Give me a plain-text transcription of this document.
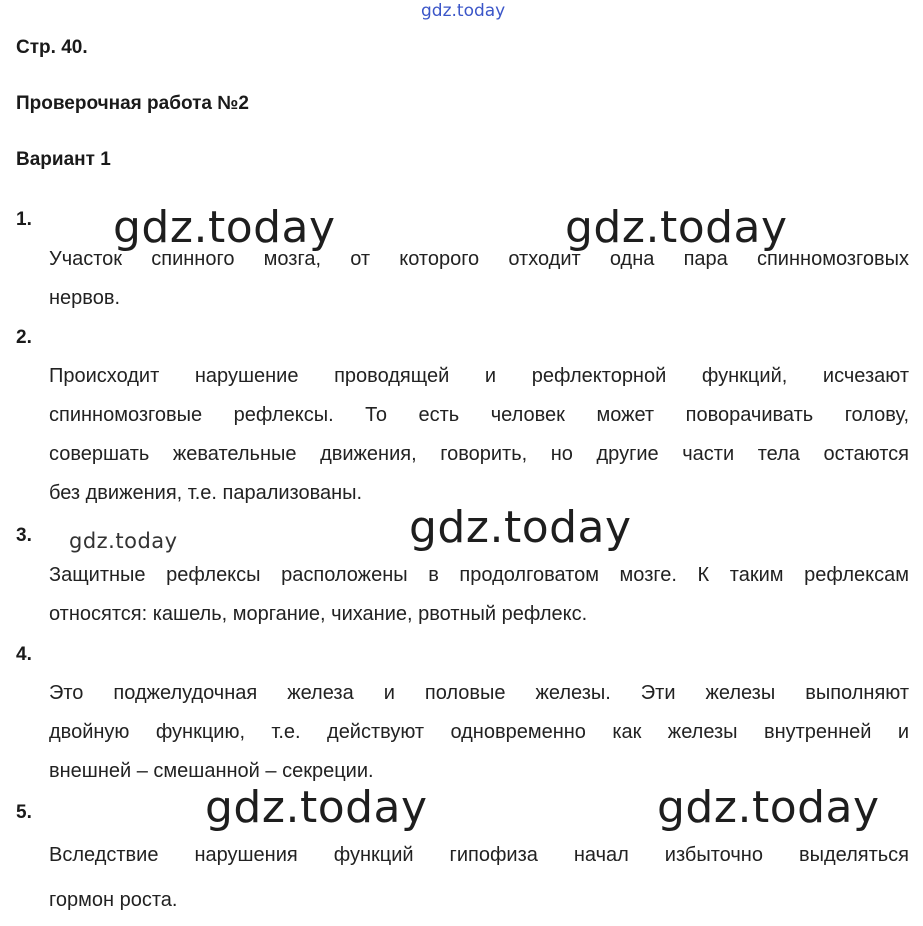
gdz.today
gdz.today	gdz.today
gdz.today	gdz.today
gdz.today	gdz.today
Стр. 40.
Проверочная работа №2
Вариант 1
1.
Участок спинного мозга, от которого отходит одна пара спинномозговых
нервов.
2.
Происходит нарушение проводящей и рефлекторной функций, исчезают
спинномозговые рефлексы. То есть человек может поворачивать голову,
совершать жевательные движения, говорить, но другие части тела остаются
без движения, т.е. парализованы.
3.
Защитные рефлексы расположены в продолговатом мозге. К таким рефлексам
относятся: кашель, моргание, чихание, рвотный рефлекс.
4.
Это поджелудочная железа и половые железы. Эти железы выполняют
двойную функцию, т.е. действуют одновременно как железы внутренней и
внешней – смешанной – секреции.
5.
Вследствие нарушения функций гипофиза начал избыточно выделяться
гормон роста.
